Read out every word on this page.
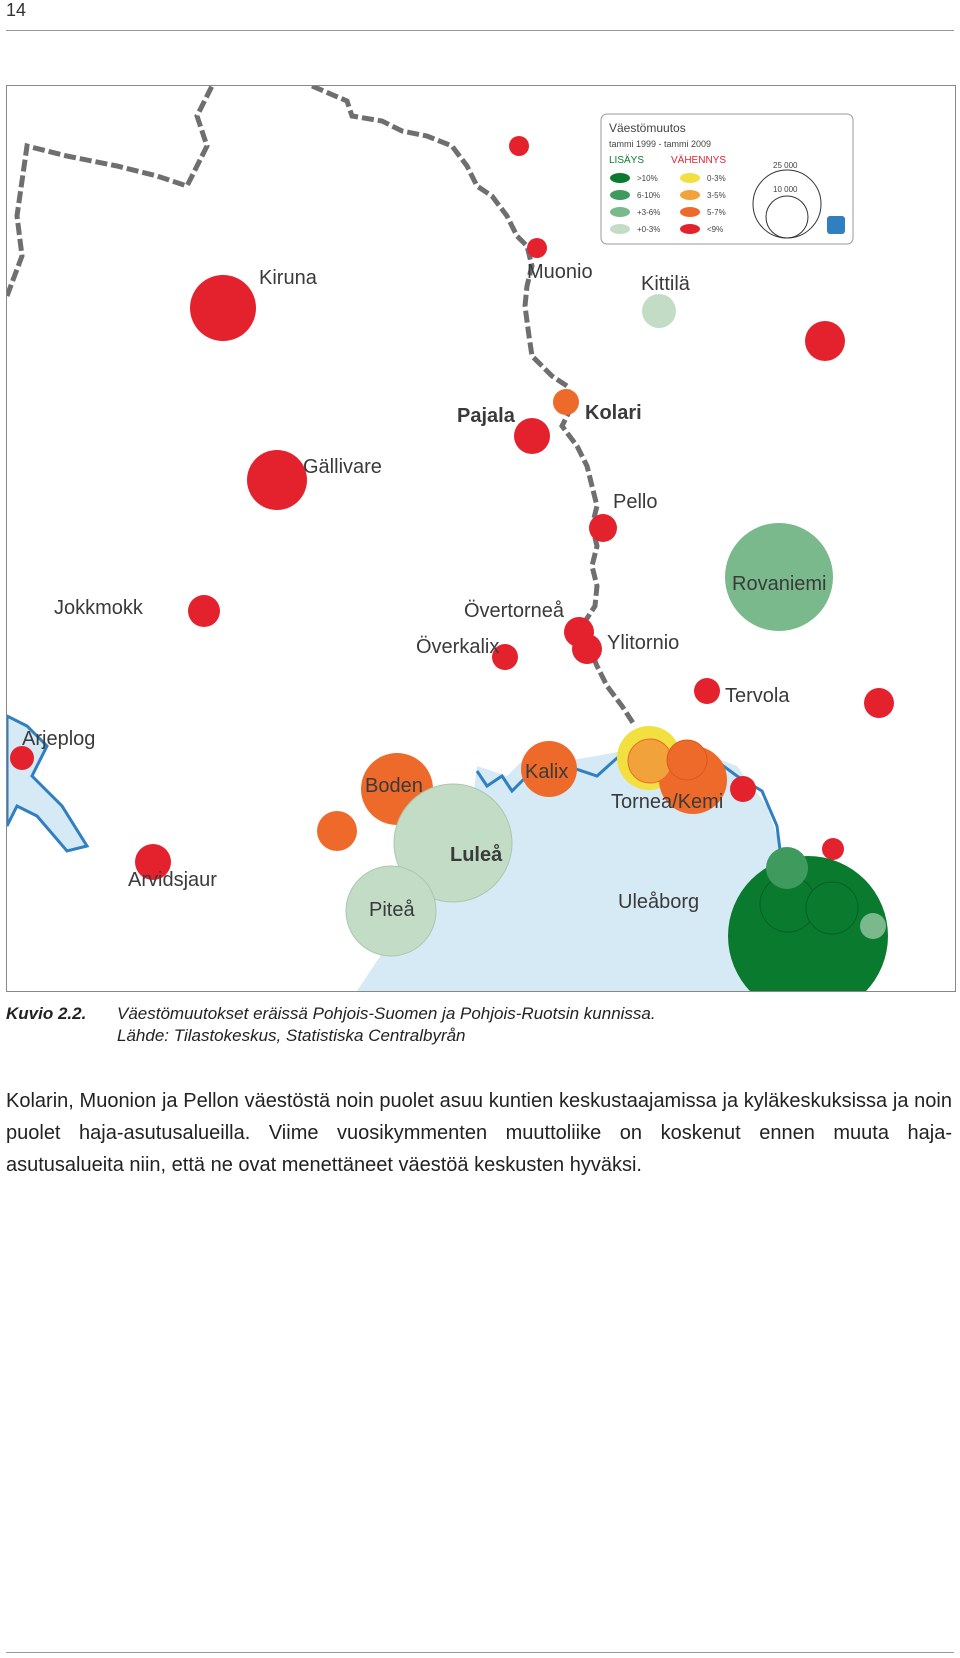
14
Väestömuutos
tammi 1999 - tammi 2009
LISÄYS	VÄHENNYS
>10%
6-10%
+3-6%
+0-3%
0-3%
3-5%
5-7%
<9%
25 000
10 000
Kiruna	Muonio
Kittilä
Pajala	Kolari
Gällivare
Pello
Rovaniemi
Jokkmokk	Övertorneå
Överkalix	Ylitornio
Tervola
Arjeplog
Kalix
Boden
Tornea/Kemi
Luleå
Arvidsjaur
Piteå	Uleåborg
Kuvio 2.2. Väestömuutokset eräissä Pohjois-Suomen ja Pohjois-Ruotsin kunnissa.
Lähde: Tilastokeskus, Statistiska Centralbyrån
Kolarin, Muonion ja Pellon väestöstä noin puolet asuu kuntien keskustaajamissa ja kyläkeskuksissa ja noin puolet haja-asutusalueilla. Viime vuosikymmenten muuttoliike on koskenut ennen muuta haja-asutusalueita niin, että ne ovat menettäneet väestöä keskusten hyväksi.
